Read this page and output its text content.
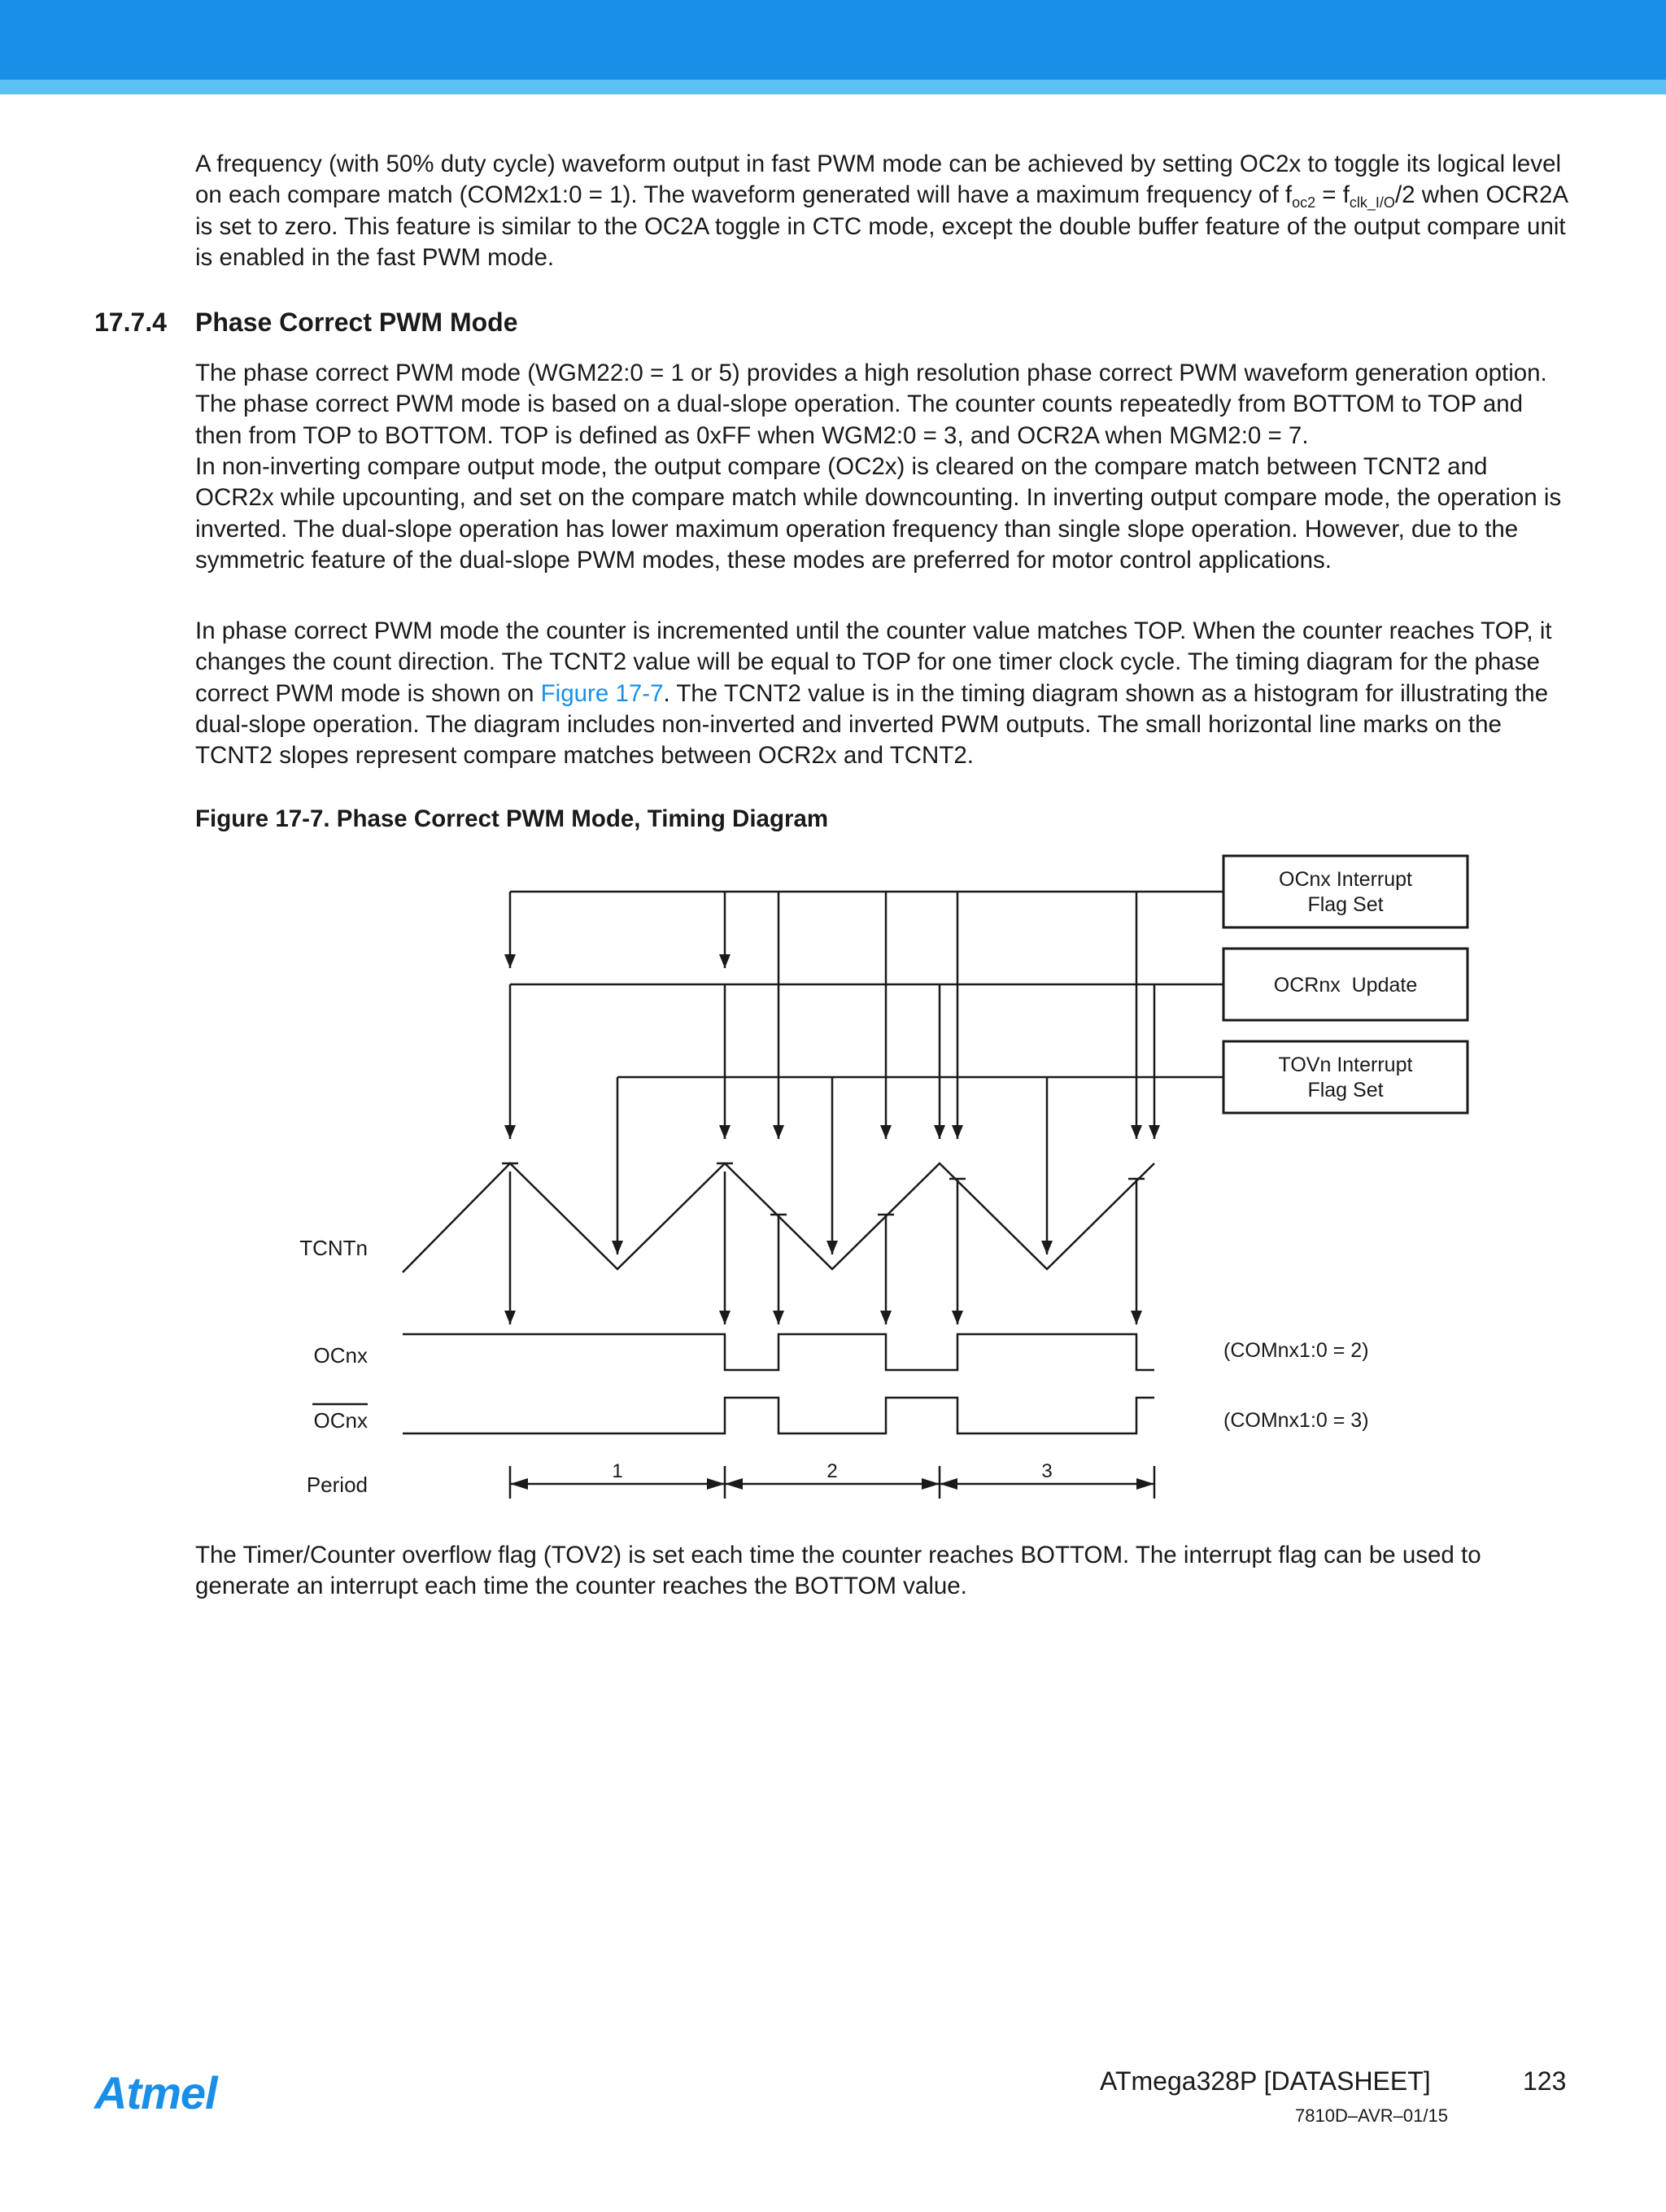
A frequency (with 50% duty cycle) waveform output in fast PWM mode can be achieved by setting OC2x to toggle its logical level on each compare match (COM2x1:0 = 1). The waveform generated will have a maximum frequency of $f_{oc2} = f_{clk\_I/O}/2$ when OCR2A is set to zero. This feature is similar to the OC2A toggle in CTC mode, except the double buffer feature of the output compare unit is enabled in the fast PWM mode.

17.7.4 Phase Correct PWM Mode

The phase correct PWM mode (WGM22:0 = 1 or 5) provides a high resolution phase correct PWM waveform generation option. The phase correct PWM mode is based on a dual-slope operation. The counter counts repeatedly from BOTTOM to TOP and then from TOP to BOTTOM. TOP is defined as 0xFF when WGM2:0 = 3, and OCR2A when MGM2:0 = 7.

In non-inverting compare output mode, the output compare (OC2x) is cleared on the compare match between TCNT2 and OCR2x while upcounting, and set on the compare match while downcounting. In inverting output compare mode, the operation is inverted. The dual-slope operation has lower maximum operation frequency than single slope operation. However, due to the symmetric feature of the dual-slope PWM modes, these modes are preferred for motor control applications.

In phase correct PWM mode the counter is incremented until the counter value matches TOP. When the counter reaches TOP, it changes the count direction. The TCNT2 value will be equal to TOP for one timer clock cycle. The timing diagram for the phase correct PWM mode is shown on Figure 17-7. The TCNT2 value is in the timing diagram shown as a histogram for illustrating the dual-slope operation. The diagram includes non-inverted and inverted PWM outputs. The small horizontal line marks on the TCNT2 slopes represent compare matches between OCR2x and TCNT2.

Figure 17-7. Phase Correct PWM Mode, Timing Diagram
OCnx Interrupt
Flag Set
OCRnx  Update
TOVn Interrupt
Flag Set
TCNTn
OCnx
OCnx
Period
(COMnx1:0 = 2)
(COMnx1:0 = 3)
1	2	3

The Timer/Counter overflow flag (TOV2) is set each time the counter reaches BOTTOM. The interrupt flag can be used to generate an interrupt each time the counter reaches the BOTTOM value.

Atmel	ATmega328P [DATASHEET]	123
7810D–AVR–01/15
